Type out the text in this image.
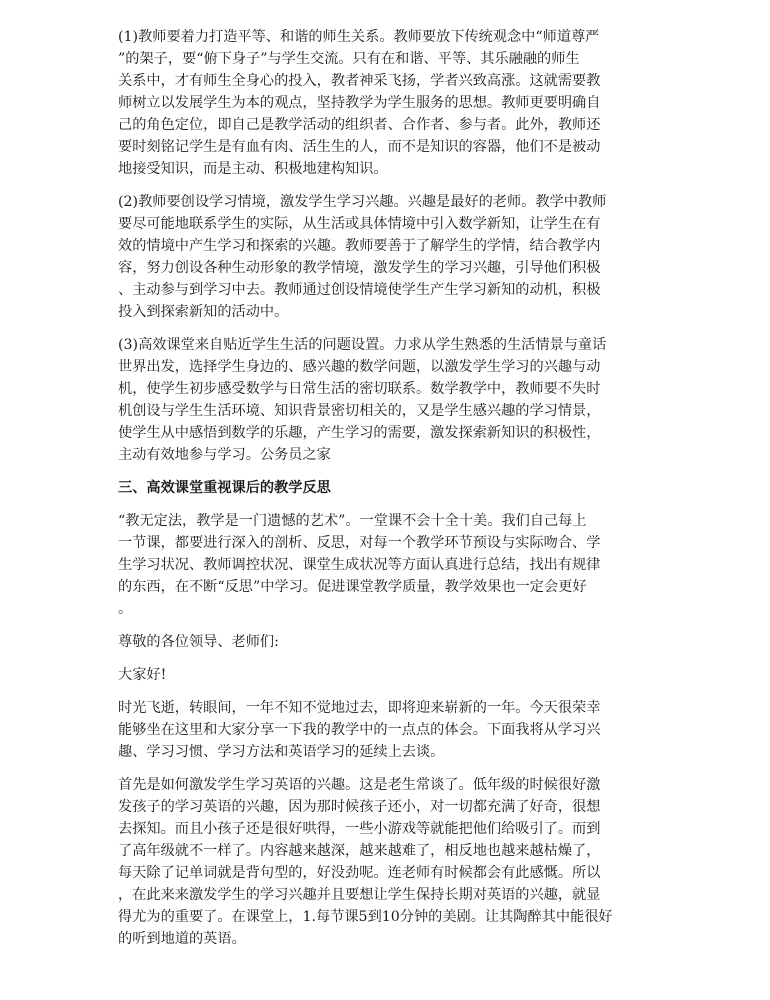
(1)教师要着力打造平等、和谐的师生关系。教师要放下传统观念中“师道尊严
”的架子，要“俯下身子”与学生交流。只有在和谐、平等、其乐融融的师生
关系中，才有师生全身心的投入，教者神采飞扬，学者兴致高涨。这就需要教
师树立以发展学生为本的观点，坚持教学为学生服务的思想。教师更要明确自
己的角色定位，即自己是教学活动的组织者、合作者、参与者。此外，教师还
要时刻铭记学生是有血有肉、活生生的人，而不是知识的容器，他们不是被动
地接受知识，而是主动、积极地建构知识。

(2)教师要创设学习情境，激发学生学习兴趣。兴趣是最好的老师。教学中教师
要尽可能地联系学生的实际，从生活或具体情境中引入数学新知，让学生在有
效的情境中产生学习和探索的兴趣。教师要善于了解学生的学情，结合教学内
容，努力创设各种生动形象的教学情境，激发学生的学习兴趣，引导他们积极
、主动参与到学习中去。教师通过创设情境使学生产生学习新知的动机，积极
投入到探索新知的活动中。

(3)高效课堂来自贴近学生生活的问题设置。力求从学生熟悉的生活情景与童话
世界出发，选择学生身边的、感兴趣的数学问题，以激发学生学习的兴趣与动
机，使学生初步感受数学与日常生活的密切联系。数学教学中，教师要不失时
机创设与学生生活环境、知识背景密切相关的，又是学生感兴趣的学习情景，
使学生从中感悟到数学的乐趣，产生学习的需要，激发探索新知识的积极性，
主动有效地参与学习。公务员之家

三、高效课堂重视课后的教学反思

“教无定法，教学是一门遗憾的艺术”。一堂课不会十全十美。我们自己每上
一节课，都要进行深入的剖析、反思，对每一个教学环节预设与实际吻合、学
生学习状况、教师调控状况、课堂生成状况等方面认真进行总结，找出有规律
的东西，在不断“反思”中学习。促进课堂教学质量，教学效果也一定会更好
。

尊敬的各位领导、老师们:

大家好!

时光飞逝，转眼间，一年不知不觉地过去，即将迎来崭新的一年。今天很荣幸
能够坐在这里和大家分享一下我的教学中的一点点的体会。下面我将从学习兴
趣、学习习惯、学习方法和英语学习的延续上去谈。

首先是如何激发学生学习英语的兴趣。这是老生常谈了。低年级的时候很好激
发孩子的学习英语的兴趣，因为那时候孩子还小，对一切都充满了好奇，很想
去探知。而且小孩子还是很好哄得，一些小游戏等就能把他们给吸引了。而到
了高年级就不一样了。内容越来越深，越来越难了，相反地也越来越枯燥了，
每天除了记单词就是背句型的，好没劲呢。连老师有时候都会有此感慨。所以
，在此来来激发学生的学习兴趣并且要想让学生保持长期对英语的兴趣，就显
得尤为的重要了。在课堂上，1.每节课5到10分钟的美剧。让其陶醉其中能很好
的听到地道的英语。
